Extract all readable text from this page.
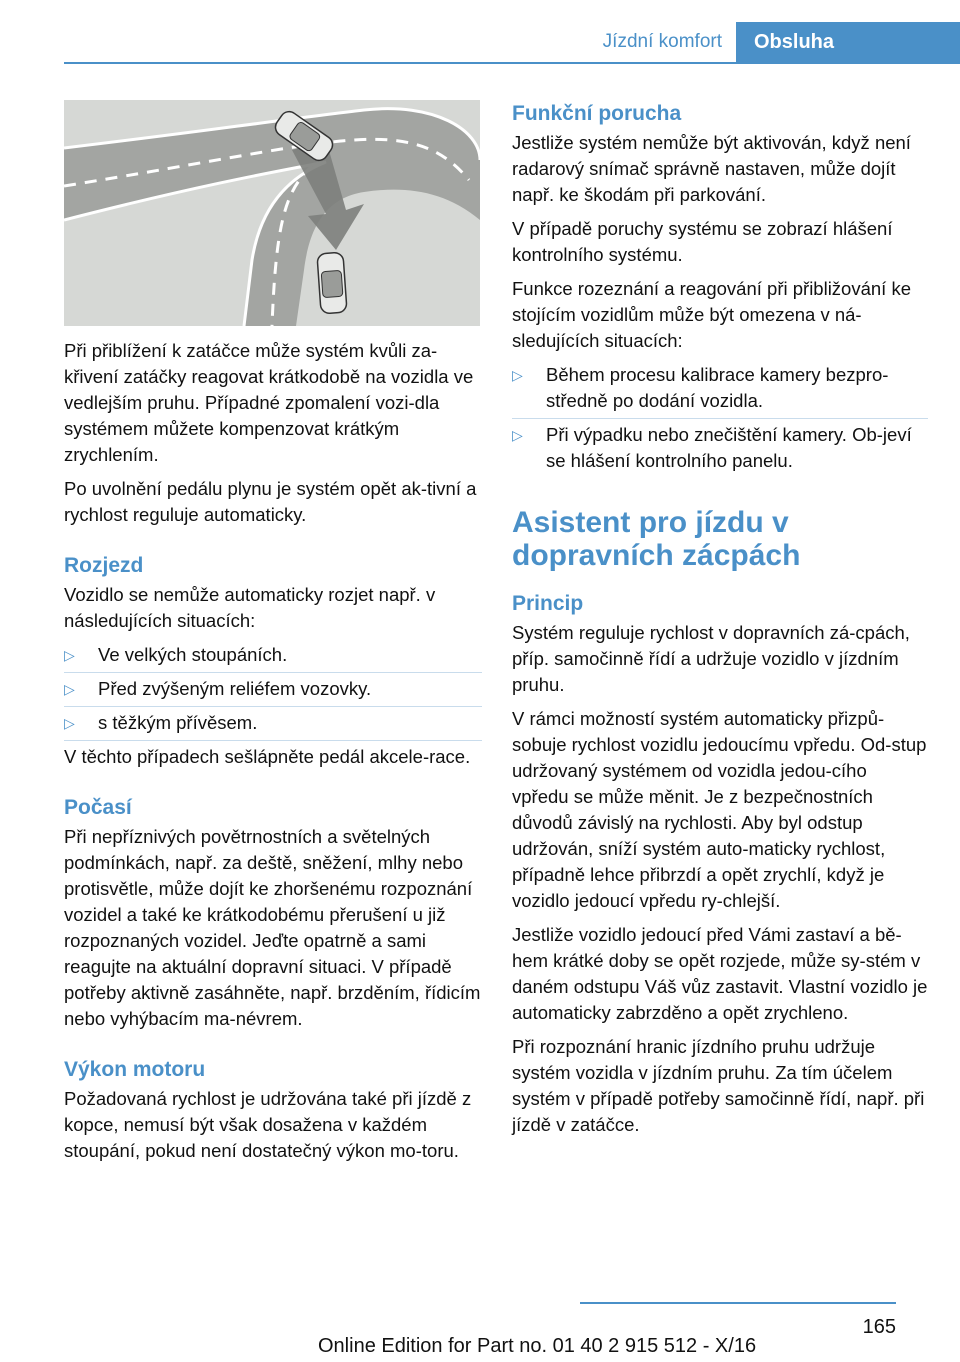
Jízdní komfort	Obsluha

Při přiblížení k zatáčce může systém kvůli za‐křivení zatáčky reagovat krátkodobě na vozidla ve vedlejším pruhu. Případné zpomalení vozi‐dla systémem můžete kompenzovat krátkým zrychlením.

Po uvolnění pedálu plynu je systém opět ak‐tivní a rychlost reguluje automaticky.

Rozjezd

Vozidlo se nemůže automaticky rozjet např. v následujících situacích:

▷ Ve velkých stoupáních.
▷ Před zvýšeným reliéfem vozovky.
▷ s těžkým přívěsem.

V těchto případech sešlápněte pedál akcele‐race.

Počasí

Při nepříznivých povětrnostních a světelných podmínkách, např. za deště, sněžení, mlhy nebo protisvětle, může dojít ke zhoršenému rozpoznání vozidel a také ke krátkodobému přerušení u již rozpoznaných vozidel. Jeďte opatrně a sami reagujte na aktuální dopravní situaci. V případě potřeby aktivně zasáhněte, např. brzděním, řídicím nebo vyhýbacím ma‐névrem.

Výkon motoru

Požadovaná rychlost je udržována také při jízdě z kopce, nemusí být však dosažena v každém stoupání, pokud není dostatečný výkon mo‐toru.

Funkční porucha

Jestliže systém nemůže být aktivován, když není radarový snímač správně nastaven, může dojít např. ke škodám při parkování.

V případě poruchy systému se zobrazí hlášení kontrolního systému.

Funkce rozeznání a reagování při přibližování ke stojícím vozidlům může být omezena v ná‐sledujících situacích:

▷ Během procesu kalibrace kamery bezpro‐středně po dodání vozidla.
▷ Při výpadku nebo znečištění kamery. Ob‐jeví se hlášení kontrolního panelu.
Asistent pro jízdu v dopravních zácpách
Princip

Systém reguluje rychlost v dopravních zá‐cpách, příp. samočinně řídí a udržuje vozidlo v jízdním pruhu.

V rámci možností systém automaticky přizpů‐sobuje rychlost vozidlu jedoucímu vpředu. Od‐stup udržovaný systémem od vozidla jedou‐cího vpředu se může měnit. Je z bezpečnostních důvodů závislý na rychlosti. Aby byl odstup udržován, sníží systém auto‐maticky rychlost, případně lehce přibrzdí a opět zrychlí, když je vozidlo jedoucí vpředu ry‐chlejší.

Jestliže vozidlo jedoucí před Vámi zastaví a bě‐hem krátké doby se opět rozjede, může sy‐stém v daném odstupu Váš vůz zastavit. Vlastní vozidlo je automaticky zabrzděno a opět zrychleno.

Při rozpoznání hranic jízdního pruhu udržuje systém vozidla v jízdním pruhu. Za tím účelem systém v případě potřeby samočinně řídí, např. při jízdě v zatáčce.

165
Online Edition for Part no. 01 40 2 915 512 - X/16
